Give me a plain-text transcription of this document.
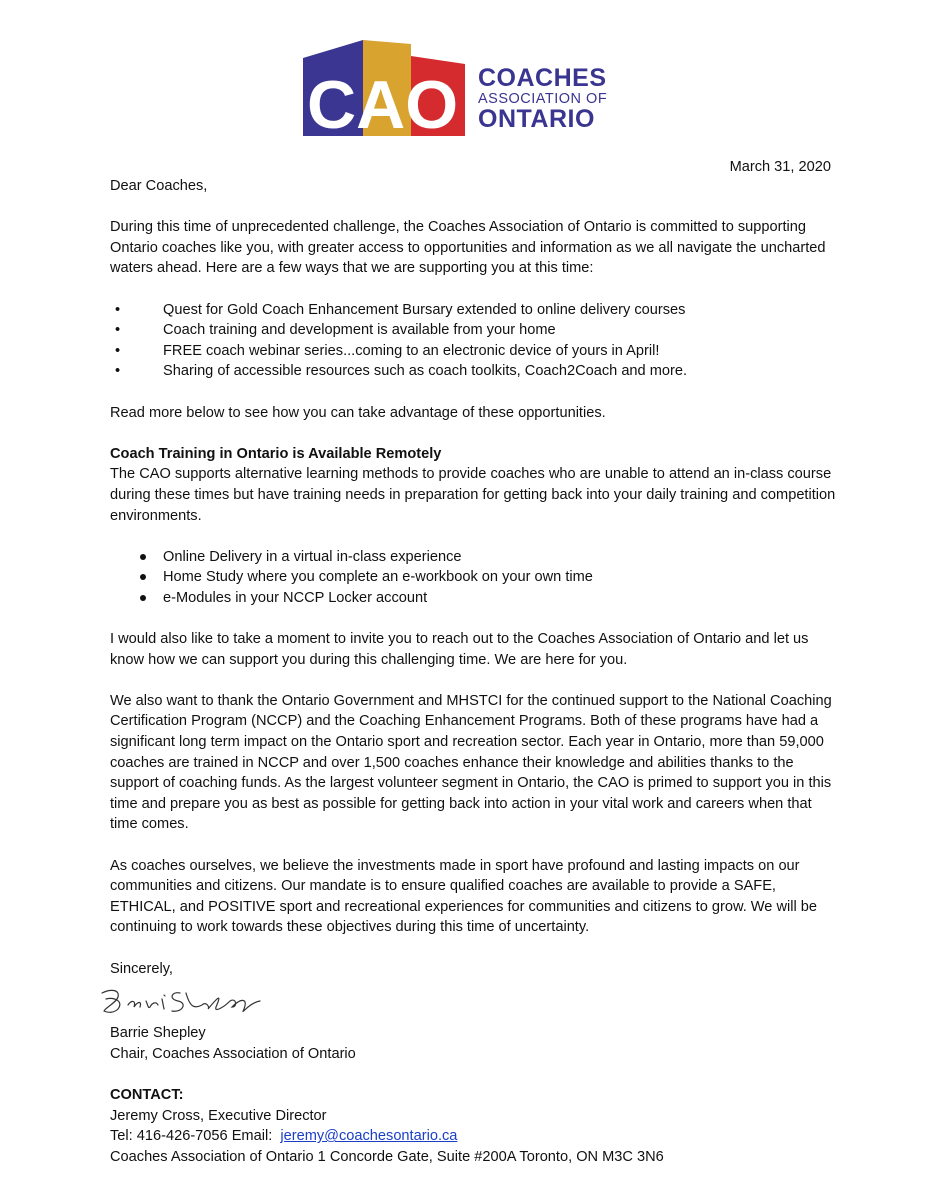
CAO COACHES
ASSOCIATION OF
ONTARIO
March 31, 2020

Dear Coaches,

During this time of unprecedented challenge, the Coaches Association of Ontario is committed to supporting Ontario coaches like you, with greater access to opportunities and information as we all navigate the uncharted waters ahead. Here are a few ways that we are supporting you at this time:

•	Quest for Gold Coach Enhancement Bursary extended to online delivery courses
•	Coach training and development is available from your home
•	FREE coach webinar series...coming to an electronic device of yours in April!
•	Sharing of accessible resources such as coach toolkits, Coach2Coach and more.

Read more below to see how you can take advantage of these opportunities.

Coach Training in Ontario is Available Remotely

The CAO supports alternative learning methods to provide coaches who are unable to attend an in-class course during these times but have training needs in preparation for getting back into your daily training and competition environments.

Online Delivery in a virtual in-class experience
Home Study where you complete an e-workbook on your own time
e-Modules in your NCCP Locker account

I would also like to take a moment to invite you to reach out to the Coaches Association of Ontario and let us know how we can support you during this challenging time. We are here for you.

We also want to thank the Ontario Government and MHSTCI for the continued support to the National Coaching Certification Program (NCCP) and the Coaching Enhancement Programs. Both of these programs have had a significant long term impact on the Ontario sport and recreation sector. Each year in Ontario, more than 59,000 coaches are trained in NCCP and over 1,500 coaches enhance their knowledge and abilities thanks to the support of coaching funds. As the largest volunteer segment in Ontario, the CAO is primed to support you in this time and prepare you as best as possible for getting back into action in your vital work and careers when that time comes.

As coaches ourselves, we believe the investments made in sport have profound and lasting impacts on our communities and citizens. Our mandate is to ensure qualified coaches are available to provide a SAFE, ETHICAL, and POSITIVE sport and recreational experiences for communities and citizens to grow. We will be continuing to work towards these objectives during this time of uncertainty.

Sincerely,

Barrie Shepley

Chair, Coaches Association of Ontario

CONTACT:

Jeremy Cross, Executive Director

Tel: 416-426-7056 Email: jeremy@coachesontario.ca

Coaches Association of Ontario 1 Concorde Gate, Suite #200A Toronto, ON M3C 3N6
